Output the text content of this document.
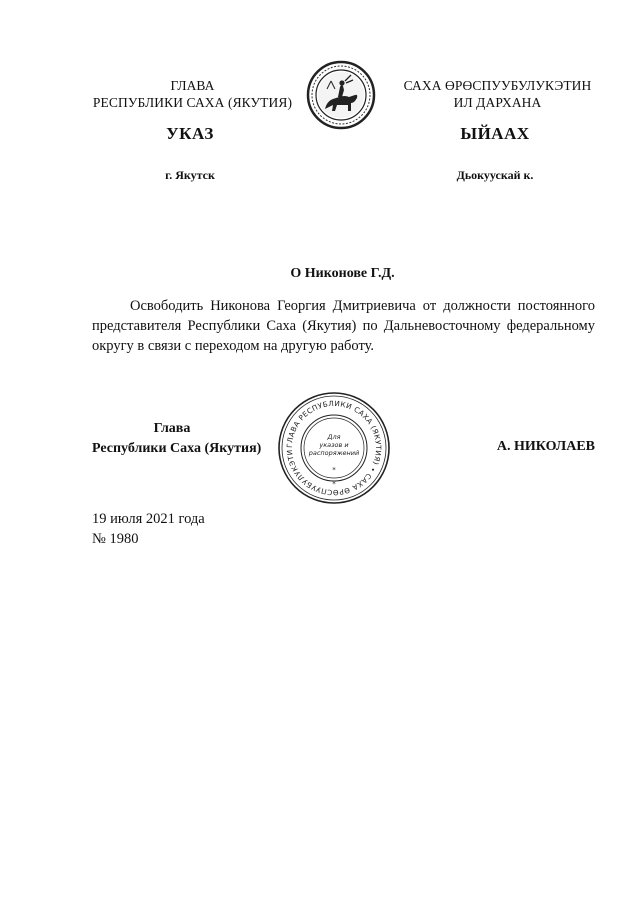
ГЛАВА
РЕСПУБЛИКИ САХА (ЯКУТИЯ)
САХА ӨРӨСПУУБУЛУКЭТИН
ИЛ ДАРХАНА
УКАЗ	ЫЙААХ
г. Якутск	Дьокуускай к.
О Никонове Г.Д.

Освободить Никонова Георгия Дмитриевича от должности постоянного представителя Республики Саха (Якутия) по Дальневосточному федеральному округу в связи с переходом на другую работу.

Глава
Республики Саха (Якутия)	ГЛАВА РЕСПУБЛИКИ САХА (ЯКУТИЯ) • САХА ӨРӨСПУУБУЛУКЭТИ
Для
указов и
распоряжений
*
*
А. НИКОЛАЕВ
19 июля 2021 года
№ 1980
